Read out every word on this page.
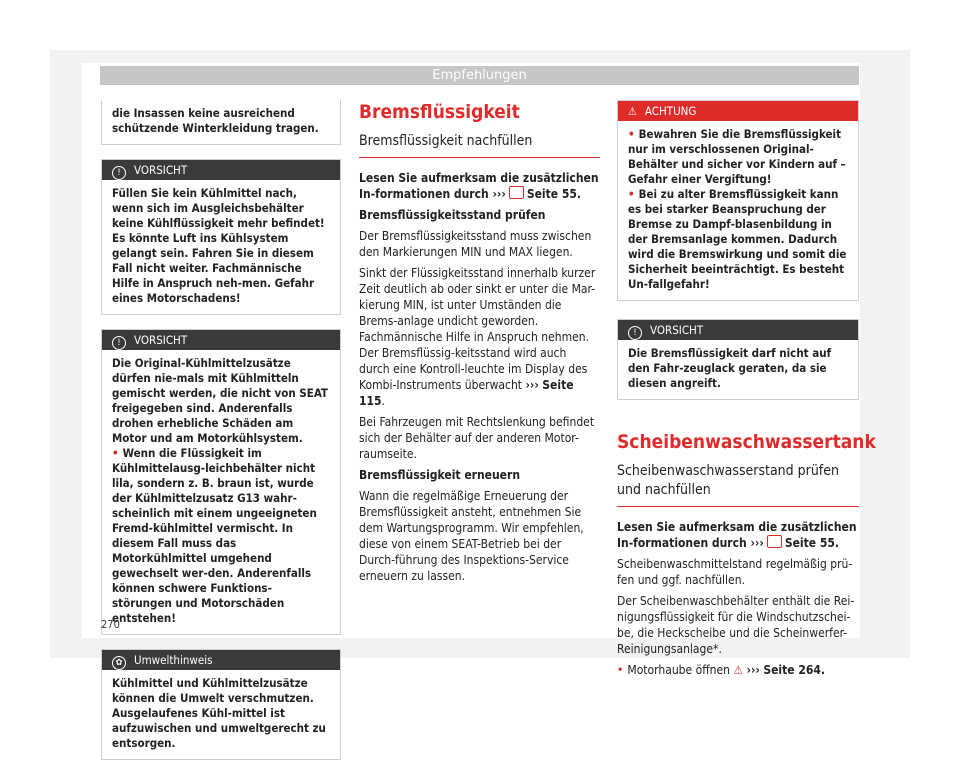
Empfehlungen
die Insassen keine ausreichend schützende Winterkleidung tragen.
! VORSICHT

Füllen Sie kein Kühlmittel nach, wenn sich im Ausgleichsbehälter keine Kühlflüssigkeit mehr befindet! Es könnte Luft ins Kühlsystem gelangt sein. Fahren Sie in diesem Fall nicht weiter. Fachmännische Hilfe in Anspruch neh-men. Gefahr eines Motorschadens!

! VORSICHT

Die Original-Kühlmittelzusätze dürfen nie-mals mit Kühlmitteln gemischt werden, die nicht von SEAT freigegeben sind. Anderenfalls drohen erhebliche Schäden am Motor und am Motorkühlsystem.

• Wenn die Flüssigkeit im Kühlmittelausg-leichbehälter nicht lila, sondern z. B. braun ist, wurde der Kühlmittelzusatz G13 wahr-scheinlich mit einem ungeeigneten Fremd-kühlmittel vermischt. In diesem Fall muss das Motorkühlmittel umgehend gewechselt wer-den. Anderenfalls können schwere Funktions-störungen und Motorschäden entstehen!

✿ Umwelthinweis

Kühlmittel und Kühlmittelzusätze können die Umwelt verschmutzen. Ausgelaufenes Kühl-mittel ist aufzuwischen und umweltgerecht zu entsorgen.

Bremsflüssigkeit
Bremsflüssigkeit nachfüllen

Lesen Sie aufmerksam die zusätzlichen In-formationen durch ››› Seite 55.

Bremsflüssigkeitsstand prüfen

Der Bremsflüssigkeitsstand muss zwischen den Markierungen MIN und MAX liegen.

Sinkt der Flüssigkeitsstand innerhalb kurzer Zeit deutlich ab oder sinkt er unter die Mar-kierung MIN, ist unter Umständen die Brems-anlage undicht geworden. Fachmännische Hilfe in Anspruch nehmen. Der Bremsflüssig-keitsstand wird auch durch eine Kontroll-leuchte im Display des Kombi-Instruments überwacht ››› Seite 115.

Bei Fahrzeugen mit Rechtslenkung befindet sich der Behälter auf der anderen Motor-raumseite.

Bremsflüssigkeit erneuern

Wann die regelmäßige Erneuerung der Bremsflüssigkeit ansteht, entnehmen Sie dem Wartungsprogramm. Wir empfehlen, diese von einem SEAT-Betrieb bei der Durch-führung des Inspektions-Service erneuern zu lassen.

⚠ ACHTUNG

• Bewahren Sie die Bremsflüssigkeit nur im verschlossenen Original-Behälter und sicher vor Kindern auf – Gefahr einer Vergiftung!

• Bei zu alter Bremsflüssigkeit kann es bei starker Beanspruchung der Bremse zu Dampf-blasenbildung in der Bremsanlage kommen. Dadurch wird die Bremswirkung und somit die Sicherheit beeinträchtigt. Es besteht Un-fallgefahr!

! VORSICHT

Die Bremsflüssigkeit darf nicht auf den Fahr-zeuglack geraten, da sie diesen angreift.

Scheibenwaschwassertank
Scheibenwaschwasserstand prüfen und nachfüllen

Lesen Sie aufmerksam die zusätzlichen In-formationen durch ››› Seite 55.

Scheibenwaschmittelstand regelmäßig prü-fen und ggf. nachfüllen.

Der Scheibenwaschbehälter enthält die Rei-nigungsflüssigkeit für die Windschutzschei-be, die Heckscheibe und die Scheinwerfer-Reinigungsanlage*.

• Motorhaube öffnen ⚠ ››› Seite 264.

270
